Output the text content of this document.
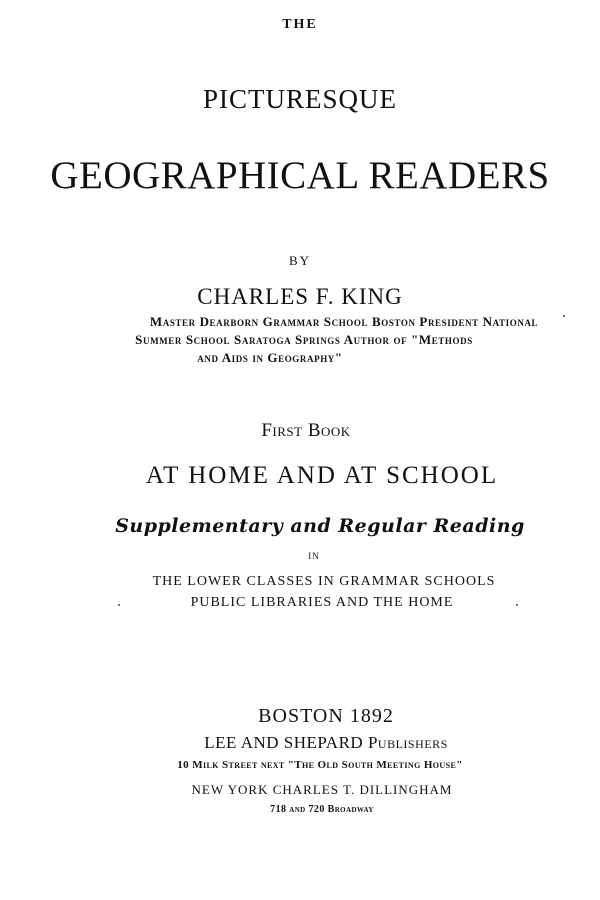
THE
PICTURESQUE
GEOGRAPHICAL READERS
BY
CHARLES F. KING
Master Dearborn Grammar School Boston President National
Summer School Saratoga Springs Author of "Methods
and Aids in Geography"
First Book
AT HOME AND AT SCHOOL
Supplementary and Regular Reading
IN
THE LOWER CLASSES IN GRAMMAR SCHOOLS
PUBLIC LIBRARIES AND THE HOME
BOSTON 1892
LEE AND SHEPARD Publishers
10 Milk Street next "The Old South Meeting House"
NEW YORK CHARLES T. DILLINGHAM
718 and 720 Broadway
